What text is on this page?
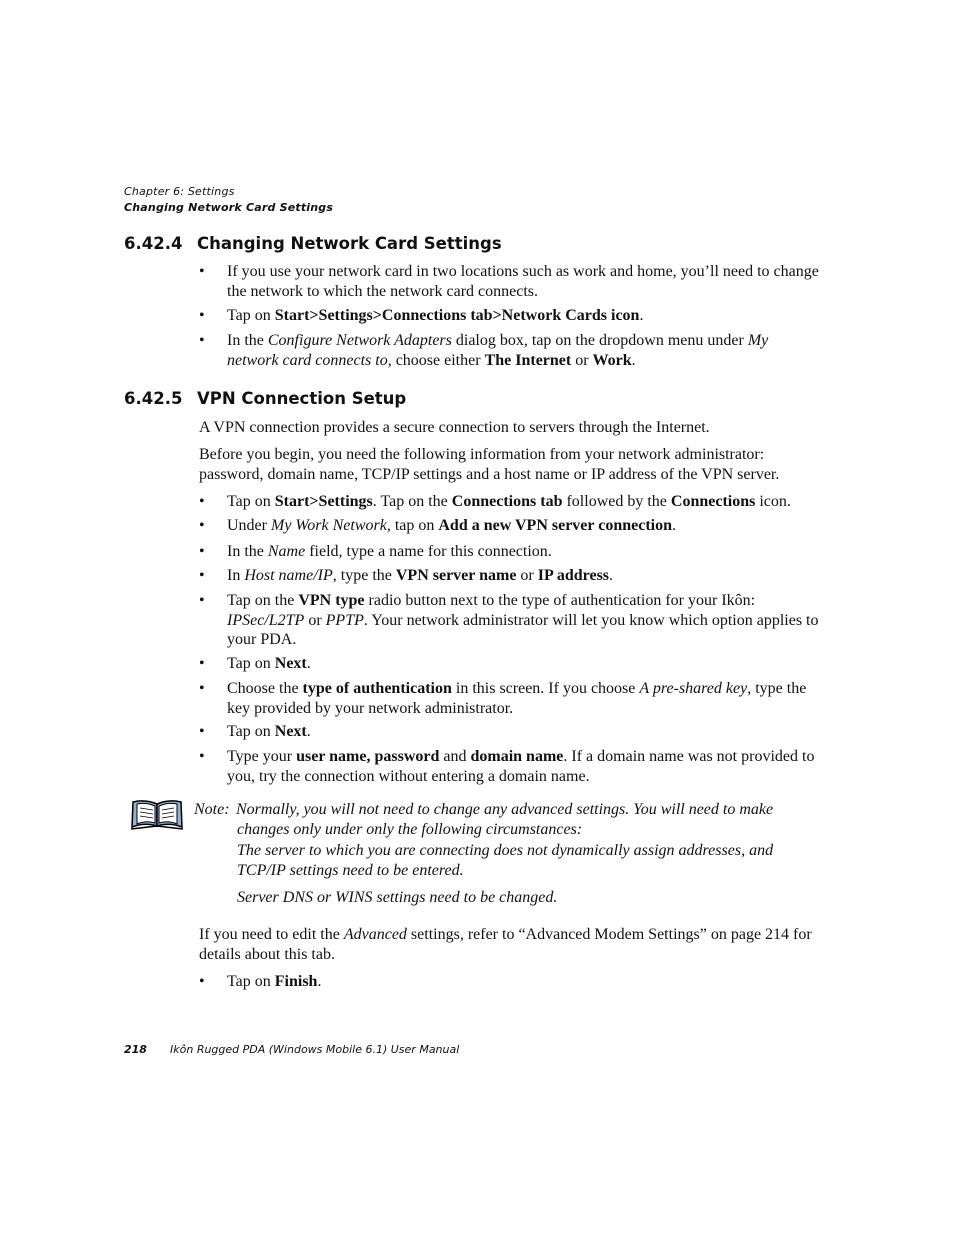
Chapter 6: Settings
Changing Network Card Settings
6.42.4 Changing Network Card Settings
• If you use your network card in two locations such as work and home, you’ll need to change the network to which the network card connects.
• Tap on Start>Settings>Connections tab>Network Cards icon.
• In the Configure Network Adapters dialog box, tap on the dropdown menu under My network card connects to, choose either The Internet or Work.
6.42.5 VPN Connection Setup
A VPN connection provides a secure connection to servers through the Internet.
Before you begin, you need the following information from your network administrator: password, domain name, TCP/IP settings and a host name or IP address of the VPN server.
• Tap on Start>Settings. Tap on the Connections tab followed by the Connections icon.
• Under My Work Network, tap on Add a new VPN server connection.
• In the Name field, type a name for this connection.
• In Host name/IP, type the VPN server name or IP address.
• Tap on the VPN type radio button next to the type of authentication for your Ikôn: IPSec/L2TP or PPTP. Your network administrator will let you know which option applies to your PDA.
• Tap on Next.
• Choose the type of authentication in this screen. If you choose A pre-shared key, type the key provided by your network administrator.
• Tap on Next.
• Type your user name, password and domain name. If a domain name was not provided to you, try the connection without entering a domain name.
Note: Normally, you will not need to change any advanced settings. You will need to make changes only under only the following circumstances:
The server to which you are connecting does not dynamically assign addresses, and TCP/IP settings need to be entered.
Server DNS or WINS settings need to be changed.
If you need to edit the Advanced settings, refer to “Advanced Modem Settings” on page 214 for details about this tab.
• Tap on Finish.
218 Ikôn Rugged PDA (Windows Mobile 6.1) User Manual
